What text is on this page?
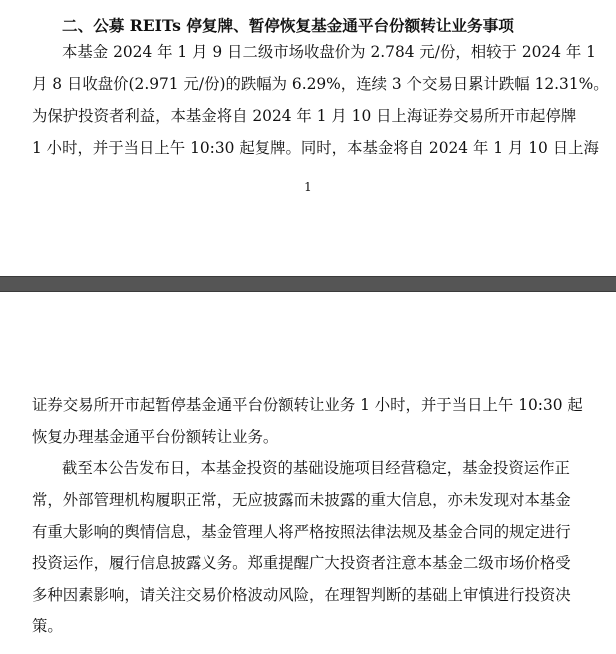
二、公募 REITs 停复牌、暂停恢复基金通平台份额转让业务事项

本基金 2024 年 1 月 9 日二级市场收盘价为 2.784 元/份，相较于 2024 年 1

月 8 日收盘价(2.971 元/份)的跌幅为 6.29%，连续 3 个交易日累计跌幅 12.31%。

为保护投资者利益，本基金将自 2024 年 1 月 10 日上海证券交易所开市起停牌

1 小时，并于当日上午 10:30 起复牌。同时，本基金将自 2024 年 1 月 10 日上海

1

证券交易所开市起暂停基金通平台份额转让业务 1 小时，并于当日上午 10:30 起

恢复办理基金通平台份额转让业务。

截至本公告发布日，本基金投资的基础设施项目经营稳定，基金投资运作正

常，外部管理机构履职正常，无应披露而未披露的重大信息，亦未发现对本基金

有重大影响的舆情信息，基金管理人将严格按照法律法规及基金合同的规定进行

投资运作，履行信息披露义务。郑重提醒广大投资者注意本基金二级市场价格受

多种因素影响，请关注交易价格波动风险，在理智判断的基础上审慎进行投资决

策。
